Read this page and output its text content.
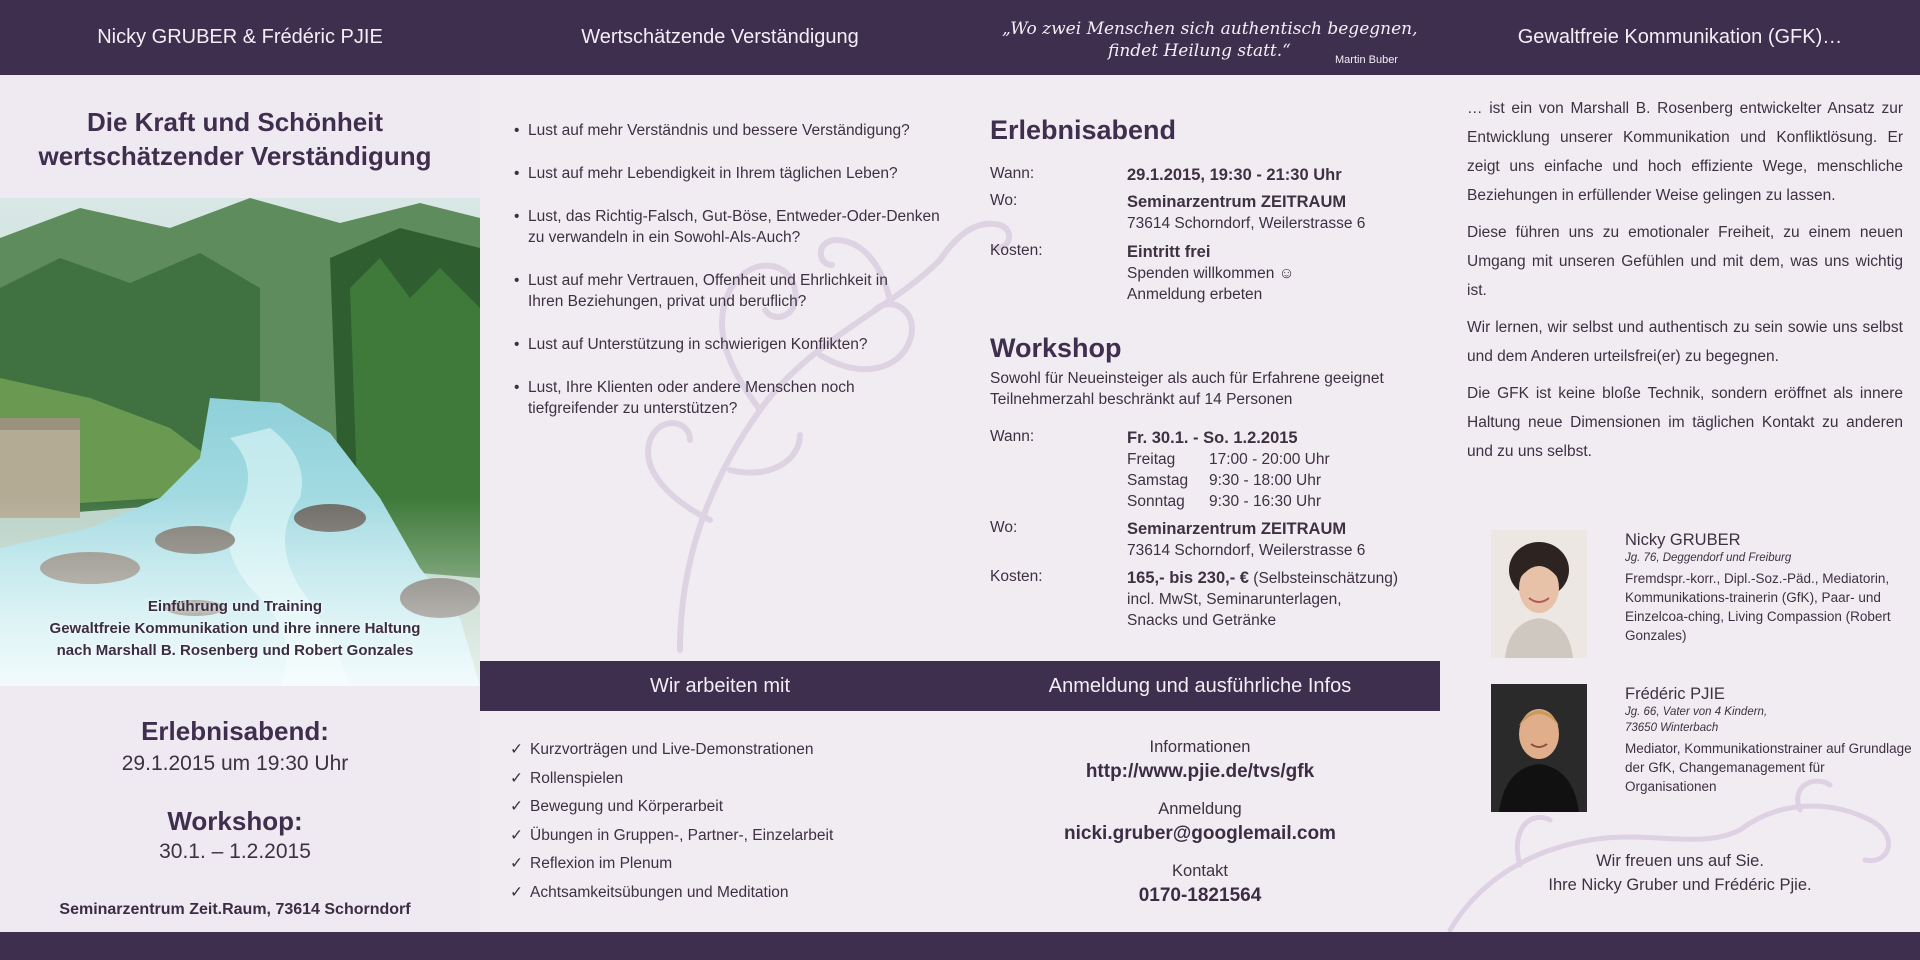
Nicky GRUBER & Frédéric PJIE	Wertschätzende Verständigung	„Wo zwei Menschen sich authentisch begegnen,
findet Heilung statt.“	Martin Buber
Gewaltfreie Kommunikation (GFK)…
Die Kraft und Schönheit
wertschätzender Verständigung
Einführung und Training
Gewaltfreie Kommunikation und ihre innere Haltung
nach Marshall B. Rosenberg und Robert Gonzales
Erlebnisabend:
29.1.2015 um 19:30 Uhr
Workshop:
30.1. – 1.2.2015
Seminarzentrum Zeit.Raum, 73614 Schorndorf
• Lust auf mehr Verständnis und bessere Verständigung?

• Lust auf mehr Lebendigkeit in Ihrem täglichen Leben?

• Lust, das Richtig-Falsch, Gut-Böse, Entweder-Oder-Denken
zu verwandeln in ein Sowohl-Als-Auch?
• Lust auf mehr Vertrauen, Offenheit und Ehrlichkeit in
Ihren Beziehungen, privat und beruflich?
• Lust auf Unterstützung in schwierigen Konflikten?

• Lust, Ihre Klienten oder andere Menschen noch
tiefgreifender zu unterstützen?
Erlebnisabend
Wann:	29.1.2015, 19:30 - 21:30 Uhr
Wo:	Seminarzentrum ZEITRAUM
73614 Schorndorf, Weilerstrasse 6
Kosten:	Eintritt frei
Spenden willkommen ☺
Anmeldung erbeten
Workshop
Sowohl für Neueinsteiger als auch für Erfahrene geeignet
Teilnehmerzahl beschränkt auf 14 Personen
Wann:	Fr. 30.1. - So. 1.2.2015
Freitag 17:00 - 20:00 Uhr
Samstag 9:30 - 18:00 Uhr
Sonntag 9:30 - 16:30 Uhr
Wo:	Seminarzentrum ZEITRAUM
73614 Schorndorf, Weilerstrasse 6
Kosten:	165,- bis 230,- € (Selbsteinschätzung)
incl. MwSt, Seminarunterlagen,
Snacks und Getränke
Wir arbeiten mit	Anmeldung und ausführliche Infos
✓ Kurzvorträgen und Live-Demonstrationen
✓ Rollenspielen
✓ Bewegung und Körperarbeit
✓ Übungen in Gruppen-, Partner-, Einzelarbeit
✓ Reflexion im Plenum
✓ Achtsamkeitsübungen und Meditation
Informationen
http://www.pjie.de/tvs/gfk
Anmeldung
nicki.gruber@googlemail.com
Kontakt
0170-1821564

… ist ein von Marshall B. Rosenberg entwickelter Ansatz zur Entwicklung unserer Kommunikation und Konfliktlösung. Er zeigt uns einfache und hoch effiziente Wege, menschliche Beziehungen in erfüllender Weise gelingen zu lassen.

Diese führen uns zu emotionaler Freiheit, zu einem neuen Umgang mit unseren Gefühlen und mit dem, was uns wichtig ist.

Wir lernen, wir selbst und authentisch zu sein sowie uns selbst und dem Anderen urteilsfrei(er) zu begegnen.

Die GFK ist keine bloße Technik, sondern eröffnet als innere Haltung neue Dimensionen im täglichen Kontakt zu anderen und zu uns selbst.

Nicky GRUBER
Jg. 76, Deggendorf und Freiburg
Fremdspr.-korr., Dipl.-Soz.-Päd., Mediatorin, Kommunikations-trainerin (GfK), Paar- und Einzelcoa-ching, Living Compassion (Robert Gonzales)
Frédéric PJIE
Jg. 66, Vater von 4 Kindern,
73650 Winterbach
Mediator, Kommunikationstrainer auf Grundlage der GfK, Changemanagement für Organisationen
Wir freuen uns auf Sie.
Ihre Nicky Gruber und Frédéric Pjie.
